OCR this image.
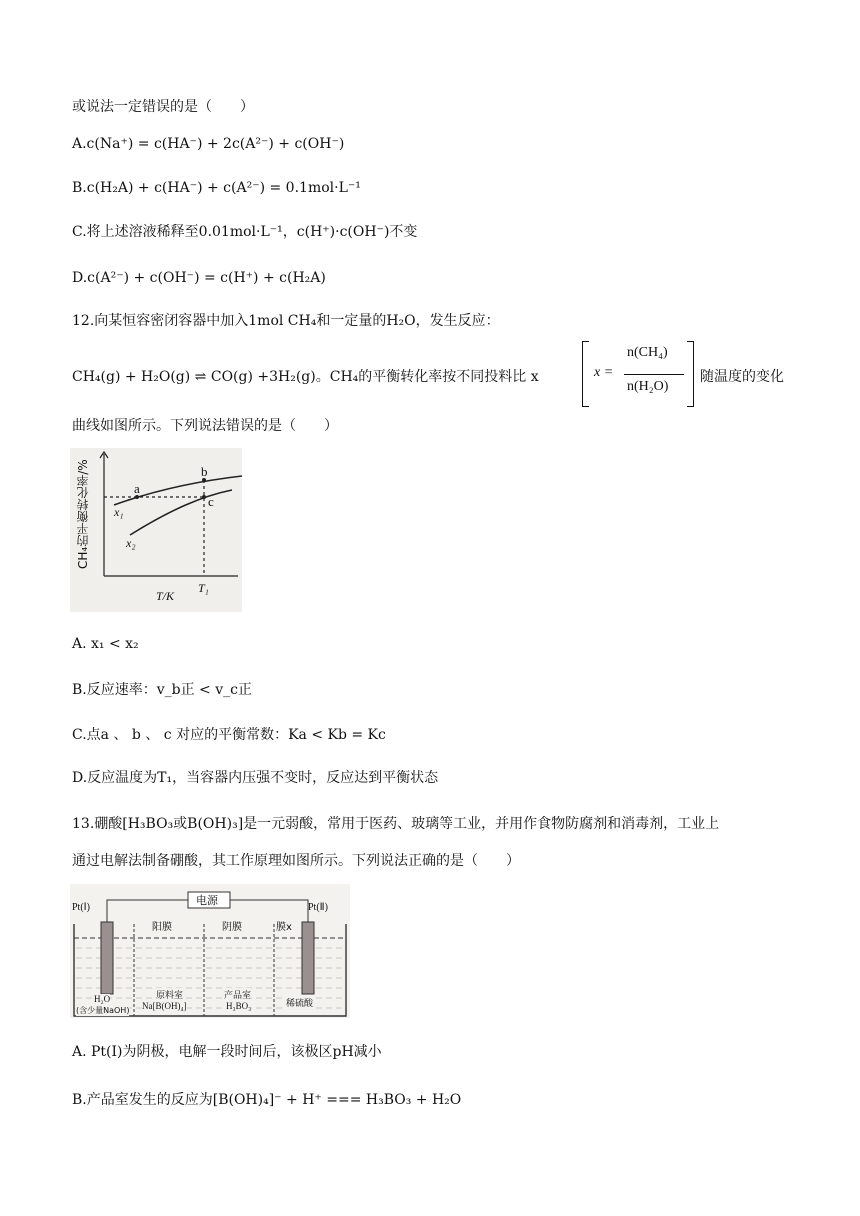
或说法一定错误的是（　　）
A.c(Na⁺) = c(HA⁻) + 2c(A²⁻) + c(OH⁻)
B.c(H₂A) + c(HA⁻) + c(A²⁻) = 0.1mol·L⁻¹
C.将上述溶液稀释至0.01mol·L⁻¹，c(H⁺)·c(OH⁻)不变
D.c(A²⁻) + c(OH⁻) = c(H⁺) + c(H₂A)
12.向某恒容密闭容器中加入1mol CH₄和一定量的H₂O，发生反应：
CH₄(g) + H₂O(g) ⇌ CO(g) +3H₂(g)。CH₄的平衡转化率按不同投料比 x	x =
n(CH₄)
n(H₂O)
随温度的变化
曲线如图所示。下列说法错误的是（　　）
CH₄的平衡转化率/%
T/K
T₁
a
b
c
x₁
x₂
A. x₁ < x₂
B.反应速率：v_b正 < v_c正
C.点a 、 b 、 c 对应的平衡常数：Ka < Kb = Kc
D.反应温度为T₁，当容器内压强不变时，反应达到平衡状态
13.硼酸[H₃BO₃或B(OH)₃]是一元弱酸，常用于医药、玻璃等工业，并用作食物防腐剂和消毒剂，工业上
通过电解法制备硼酸，其工作原理如图所示。下列说法正确的是（　　）
电源
Pt(Ⅰ)	Pt(Ⅱ)
阳膜	阴膜	膜x
H₂O
(含少量NaOH)
原料室
Na[B(OH)₄]
产品室
H₃BO₃	稀硫酸
A. Pt(Ⅰ)为阴极，电解一段时间后，该极区pH减小
B.产品室发生的反应为[B(OH)₄]⁻ + H⁺ === H₃BO₃ + H₂O
